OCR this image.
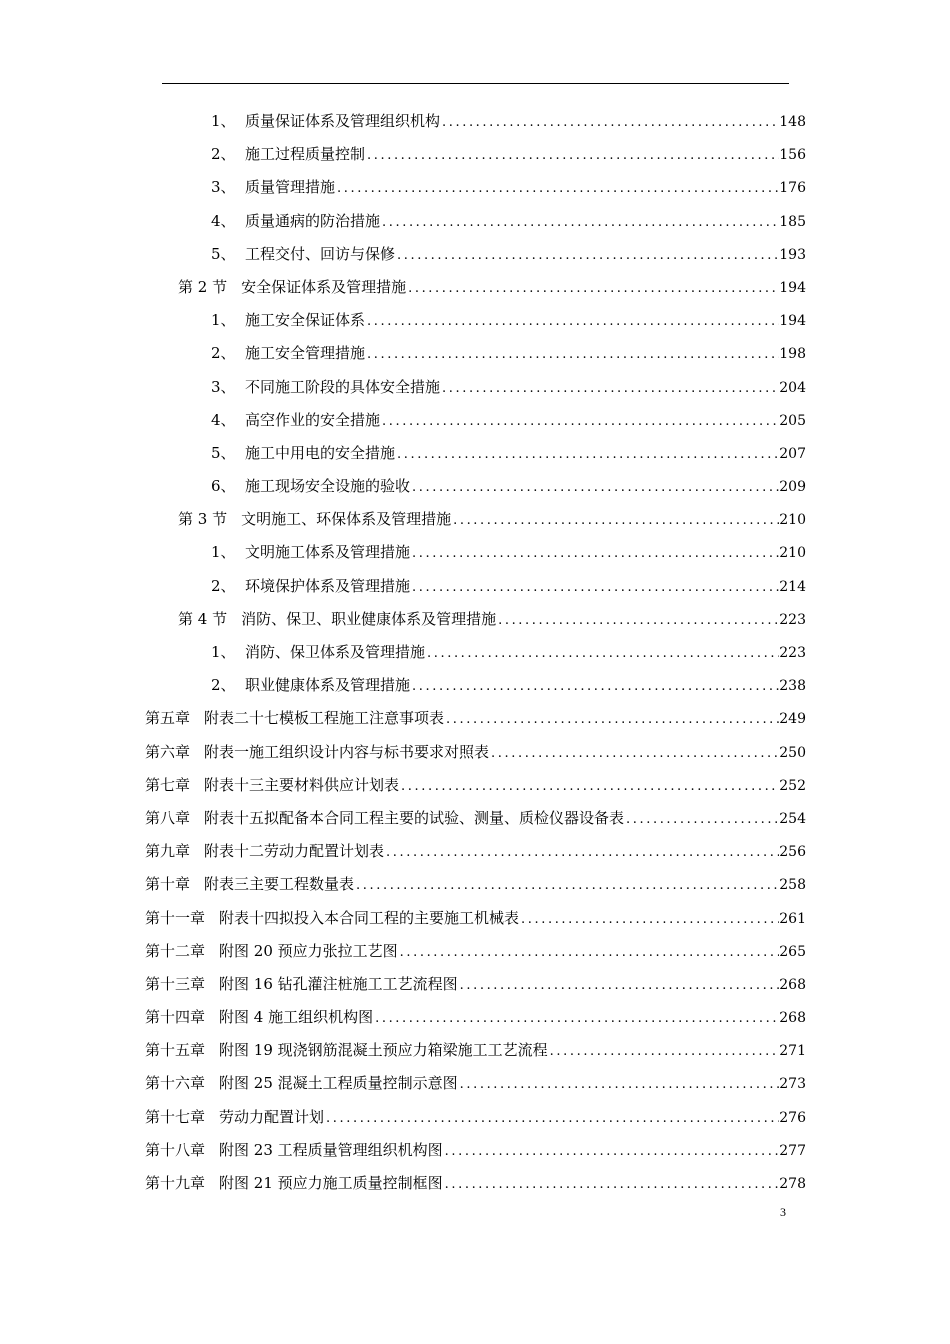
1、 质量保证体系及管理组织机构 .....	148
2、 施工过程质量控制 .....	156
3、 质量管理措施 .....	176
4、 质量通病的防治措施 .....	185
5、 工程交付、回访与保修 .....	193
第 2 节 安全保证体系及管理措施 .....	194
1、 施工安全保证体系 .....	194
2、 施工安全管理措施 .....	198
3、 不同施工阶段的具体安全措施 .....	204
4、 高空作业的安全措施 .....	205
5、 施工中用电的安全措施 .....	207
6、 施工现场安全设施的验收 .....	209
第 3 节 文明施工、环保体系及管理措施 .....	210
1、 文明施工体系及管理措施 .....	210
2、 环境保护体系及管理措施 .....	214
第 4 节 消防、保卫、职业健康体系及管理措施 .....	223
1、 消防、保卫体系及管理措施 .....	223
2、 职业健康体系及管理措施 .....	238
第五章 附表二十七模板工程施工注意事项表 .....	249
第六章 附表一施工组织设计内容与标书要求对照表 .....	250
第七章 附表十三主要材料供应计划表 .....	252
第八章 附表十五拟配备本合同工程主要的试验、测量、质检仪器设备表 .....	254
第九章 附表十二劳动力配置计划表 .....	256
第十章 附表三主要工程数量表 .....	258
第十一章 附表十四拟投入本合同工程的主要施工机械表 .....	261
第十二章 附图 20 预应力张拉工艺图 .....	265
第十三章 附图 16 钻孔灌注桩施工工艺流程图 .....	268
第十四章 附图 4 施工组织机构图 .....	268
第十五章 附图 19 现浇钢筋混凝土预应力箱梁施工工艺流程 .....	271
第十六章 附图 25 混凝土工程质量控制示意图 .....	273
第十七章 劳动力配置计划 .....	276
第十八章 附图 23 工程质量管理组织机构图 .....	277
第十九章 附图 21 预应力施工质量控制框图 .....	278
3
